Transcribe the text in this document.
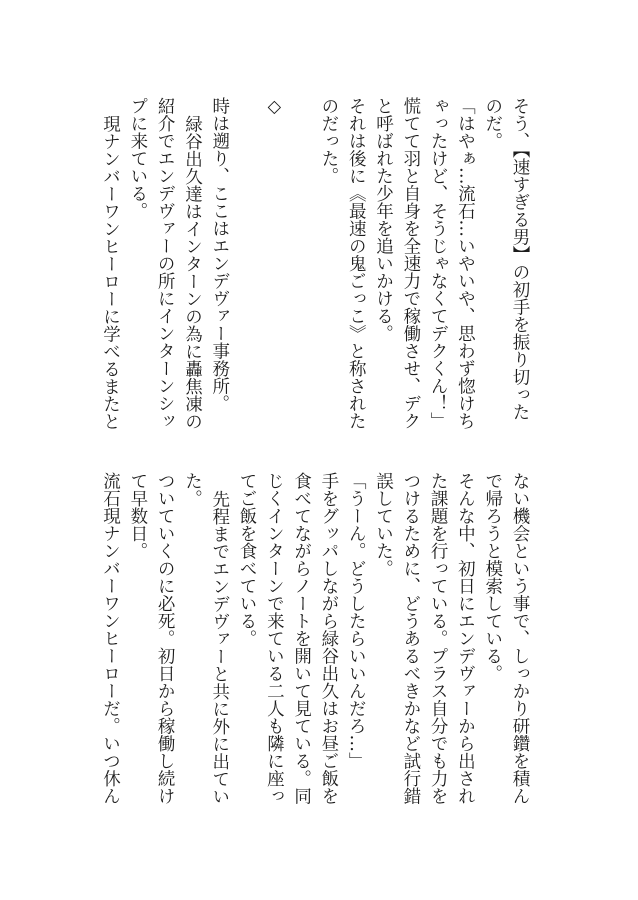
そう、【速すぎる男】の初手を振り切った
のだ。
「はやぁ…流石…いやいや、思わず惚けち
ゃったけど、そうじゃなくてデクくん！」
慌てて羽と自身を全速力で稼働させ、デク
と呼ばれた少年を追いかける。
それは後に《最速の鬼ごっこ》と称された
のだった。
◇
時は遡り、ここはエンデヴァー事務所。
緑谷出久達はインターンの為に轟焦凍の
紹介でエンデヴァーの所にインターンシッ
プに来ている。
現ナンバーワンヒーローに学べるまたと
ない機会という事で、しっかり研鑽を積ん
で帰ろうと模索している。
そんな中、初日にエンデヴァーから出され
た課題を行っている。プラス自分でも力を
つけるために、どうあるべきかなど試行錯
誤していた。
「うーん。どうしたらいいんだろ…」
手をグッパしながら緑谷出久はお昼ご飯を
食べてながらノートを開いて見ている。同
じくインターンで来ている二人も隣に座っ
てご飯を食べている。
先程までエンデヴァーと共に外に出てい
た。
ついていくのに必死。初日から稼働し続け
て早数日。
流石現ナンバーワンヒーローだ。いつ休ん
